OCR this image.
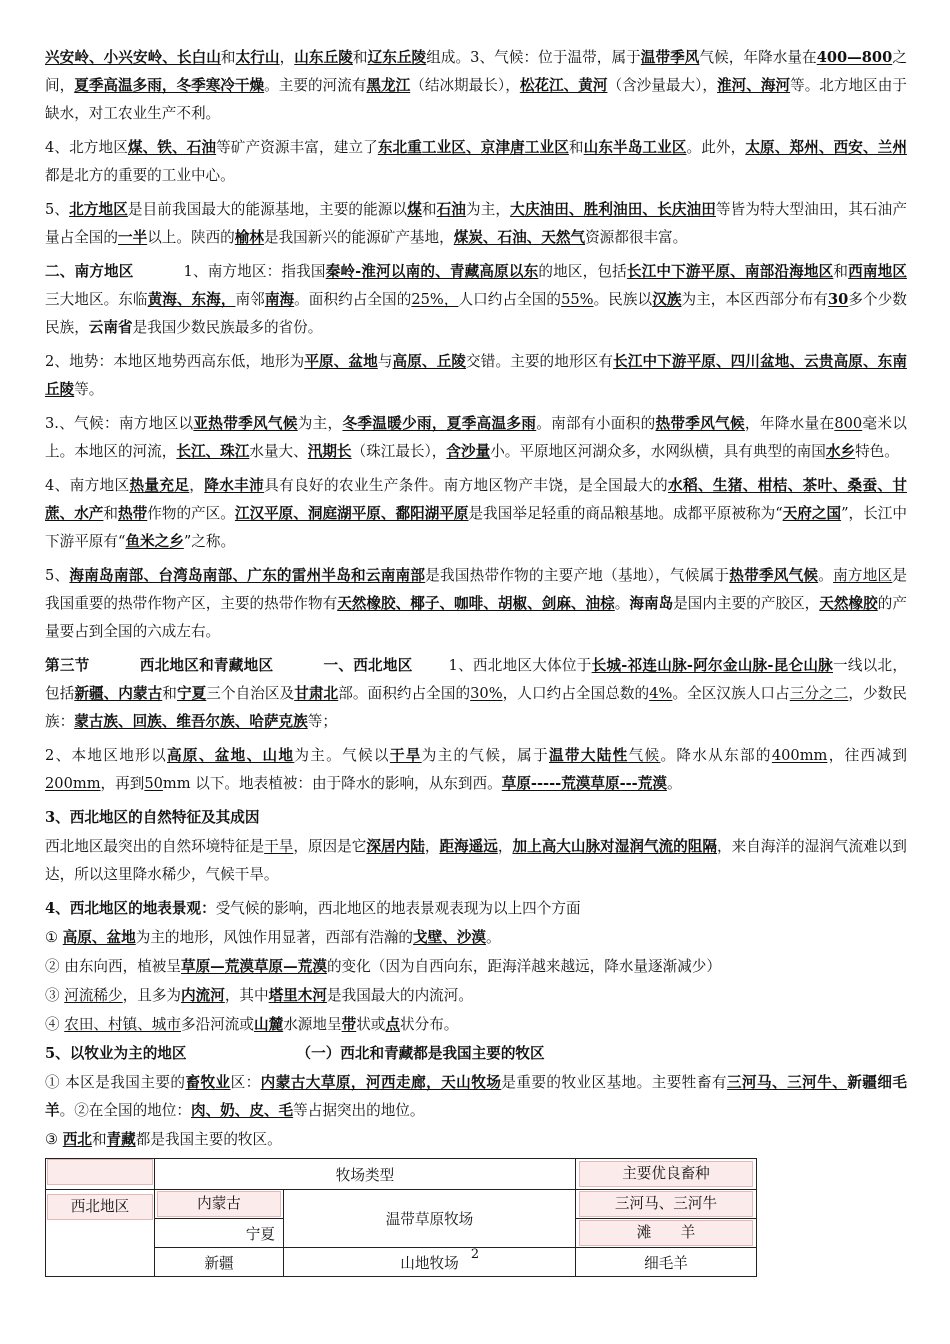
兴安岭、小兴安岭、长白山和太行山，山东丘陵和辽东丘陵组成。3、气候：位于温带，属于温带季风气候，年降水量在400—800之间，夏季高温多雨，冬季寒冷干燥。主要的河流有黑龙江（结冰期最长），松花江、黄河（含沙量最大），淮河、海河等。北方地区由于缺水，对工农业生产不利。

4、北方地区煤、铁、石油等矿产资源丰富，建立了东北重工业区、京津唐工业区和山东半岛工业区。此外，太原、郑州、西安、兰州都是北方的重要的工业中心。

5、北方地区是目前我国最大的能源基地，主要的能源以煤和石油为主，大庆油田、胜利油田、长庆油田等皆为特大型油田，其石油产量占全国的一半以上。陕西的榆林是我国新兴的能源矿产基地，煤炭、石油、天然气资源都很丰富。

二、南方地区	1、南方地区：指我国秦岭-淮河以南的、青藏高原以东的地区，包括长江中下游平原、南部沿海地区和西南地区三大地区。东临黄海、东海，南邻南海。面积约占全国的25%，人口约占全国的55%。民族以汉族为主，本区西部分布有30多个少数民族，云南省是我国少数民族最多的省份。

2、地势：本地区地势西高东低，地形为平原、盆地与高原、丘陵交错。主要的地形区有长江中下游平原、四川盆地、云贵高原、东南丘陵等。

3.、气候：南方地区以亚热带季风气候为主，冬季温暖少雨，夏季高温多雨。南部有小面积的热带季风气候，年降水量在800毫米以上。本地区的河流，长江、珠江水量大、汛期长（珠江最长），含沙量小。平原地区河湖众多，水网纵横，具有典型的南国水乡特色。

4、南方地区热量充足，降水丰沛具有良好的农业生产条件。南方地区物产丰饶，是全国最大的水稻、生猪、柑桔、茶叶、桑蚕、甘蔗、水产和热带作物的产区。江汉平原、洞庭湖平原、鄱阳湖平原是我国举足轻重的商品粮基地。成都平原被称为“天府之国”，长江中下游平原有“鱼米之乡”之称。

5、海南岛南部、台湾岛南部、广东的雷州半岛和云南南部是我国热带作物的主要产地（基地），气候属于热带季风气候。南方地区是我国重要的热带作物产区，主要的热带作物有天然橡胶、椰子、咖啡、胡椒、剑麻、油棕。海南岛是国内主要的产胶区，天然橡胶的产量要占到全国的六成左右。

第三节	西北地区和青藏地区	一、西北地区 1、西北地区大体位于长城-祁连山脉-阿尔金山脉-昆仑山脉一线以北，包括新疆、内蒙古和宁夏三个自治区及甘肃北部。面积约占全国的30%，人口约占全国总数的4%。全区汉族人口占三分之二，少数民族：蒙古族、回族、维吾尔族、哈萨克族等；

2、本地区地形以高原、盆地、山地为主。气候以干旱为主的气候，属于温带大陆性气候。降水从东部的400mm，往西减到200mm，再到50mm 以下。地表植被：由于降水的影响，从东到西。草原-----荒漠草原---荒漠。

3、西北地区的自然特征及其成因

西北地区最突出的自然环境特征是干旱，原因是它深居内陆，距海遥远，加上高大山脉对湿润气流的阻隔，来自海洋的湿润气流难以到达，所以这里降水稀少，气候干旱。

4、西北地区的地表景观：受气候的影响，西北地区的地表景观表现为以上四个方面

① 高原、盆地为主的地形，风蚀作用显著，西部有浩瀚的戈壁、沙漠。

② 由东向西，植被呈草原—荒漠草原—荒漠的变化（因为自西向东，距海洋越来越远，降水量逐渐减少）

③ 河流稀少，且多为内流河，其中塔里木河是我国最大的内流河。

④ 农田、村镇、城市多沿河流或山麓水源地呈带状或点状分布。

5、以牧业为主的地区	（一）西北和青藏都是我国主要的牧区

① 本区是我国主要的畜牧业区：内蒙古大草原，河西走廊，天山牧场是重要的牧业区基地。主要牲畜有三河马、三河牛、新疆细毛羊。②在全国的地位：肉、奶、皮、毛等占据突出的地位。

③ 西北和青藏都是我国主要的牧区。

	牧场类型		主要优良畜种
西北地区	内蒙古	温带草原牧场	三河马、三河牛
	宁夏		滩　　羊
	新疆	山地牧场	细毛羊
2
